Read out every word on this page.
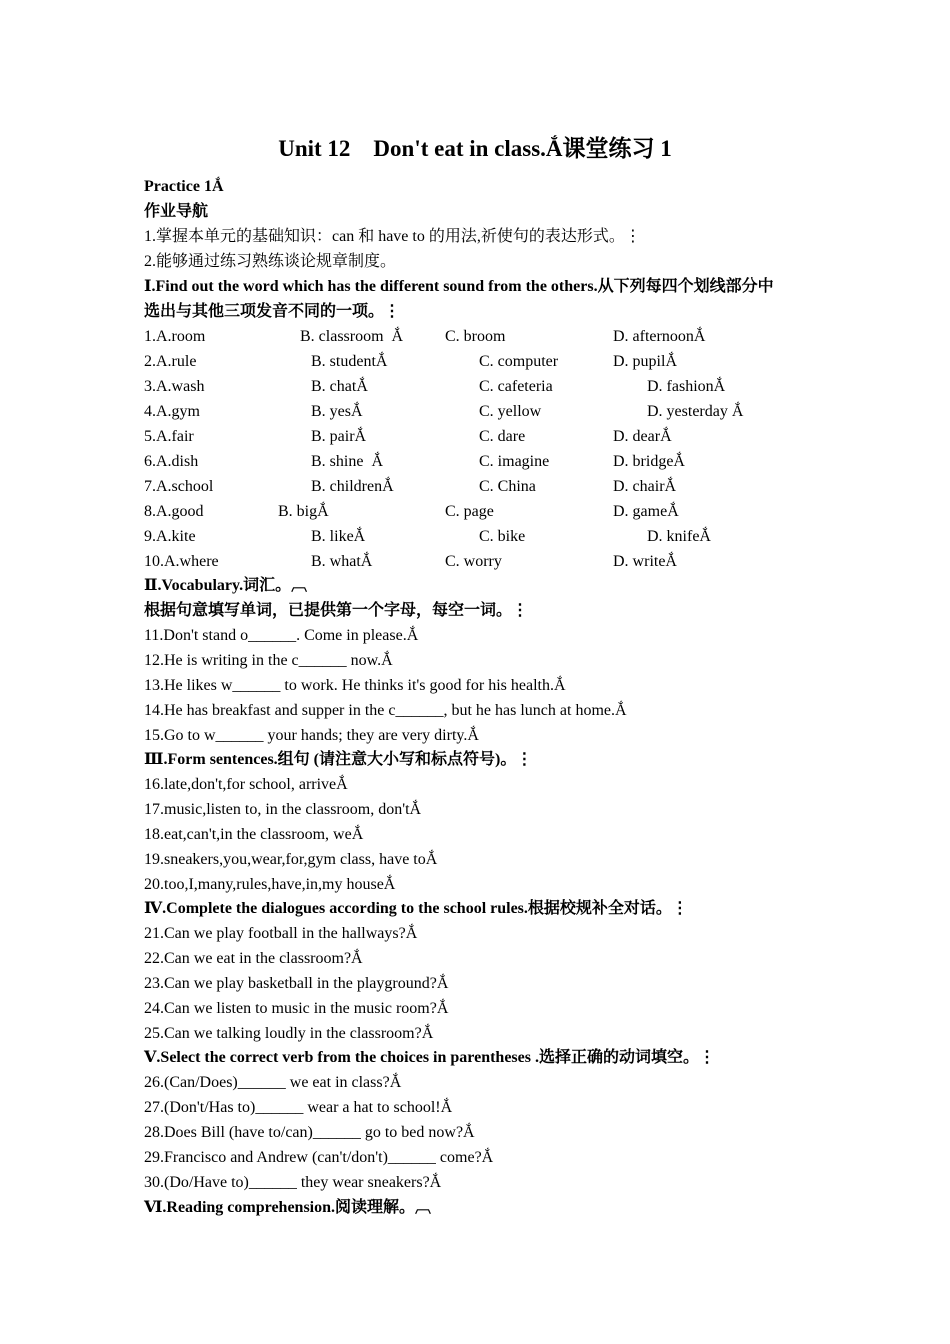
Unit 12    Don't eat in class.Ắ课堂练习 1
Practice 1Ắ
作业导航
1.掌握本单元的基础知识：can 和 have to 的用法,祈使句的表达形式。⋮
2.能够通过练习熟练谈论规章制度。
Ⅰ.Find out the word which has the different sound from the others.从下列每四个划线部分中
选出与其他三项发音不同的一项。⋮
1.A.room	B. classroom  Ắ	C. broom	D. afternoonẮ
2.A.rule	B. studentẮ	C. computer	D. pupilẮ
3.A.wash	B. chatẮ	C. cafeteria	D. fashionẮ
4.A.gym	B. yesẮ	C. yellow	D. yesterday Ắ
5.A.fair	B. pairẮ	C. dare	D. dearẮ
6.A.dish	B. shine  Ắ	C. imagine	D. bridgeẮ
7.A.school	B. childrenẮ	C. China	D. chairẮ
8.A.good	B. bigẮ	C. page	D. gameẮ
9.A.kite	B. likeẮ	C. bike	D. knifeẮ
10.A.where	B. whatẮ	C. worry	D. writeẮ
Ⅱ.Vocabulary.词汇。︹
根据句意填写单词，已提供第一个字母，每空一词。⋮
11.Don't stand o______. Come in please.Ắ
12.He is writing in the c______ now.Ắ
13.He likes w______ to work. He thinks it's good for his health.Ắ
14.He has breakfast and supper in the c______, but he has lunch at home.Ắ
15.Go to w______ your hands; they are very dirty.Ắ
Ⅲ.Form sentences.组句 (请注意大小写和标点符号)。⋮
16.late,don't,for school, arriveẮ
17.music,listen to, in the classroom, don'tẮ
18.eat,can't,in the classroom, weẮ
19.sneakers,you,wear,for,gym class, have toẮ
20.too,I,many,rules,have,in,my houseẮ
Ⅳ.Complete the dialogues according to the school rules.根据校规补全对话。⋮
21.Can we play football in the hallways?Ắ
22.Can we eat in the classroom?Ắ
23.Can we play basketball in the playground?Ắ
24.Can we listen to music in the music room?Ắ
25.Can we talking loudly in the classroom?Ắ
Ⅴ.Select the correct verb from the choices in parentheses .选择正确的动词填空。⋮
26.(Can/Does)______ we eat in class?Ắ
27.(Don't/Has to)______ wear a hat to school!Ắ
28.Does Bill (have to/can)______ go to bed now?Ắ
29.Francisco and Andrew (can't/don't)______ come?Ắ
30.(Do/Have to)______ they wear sneakers?Ắ
Ⅵ.Reading comprehension.阅读理解。︹
